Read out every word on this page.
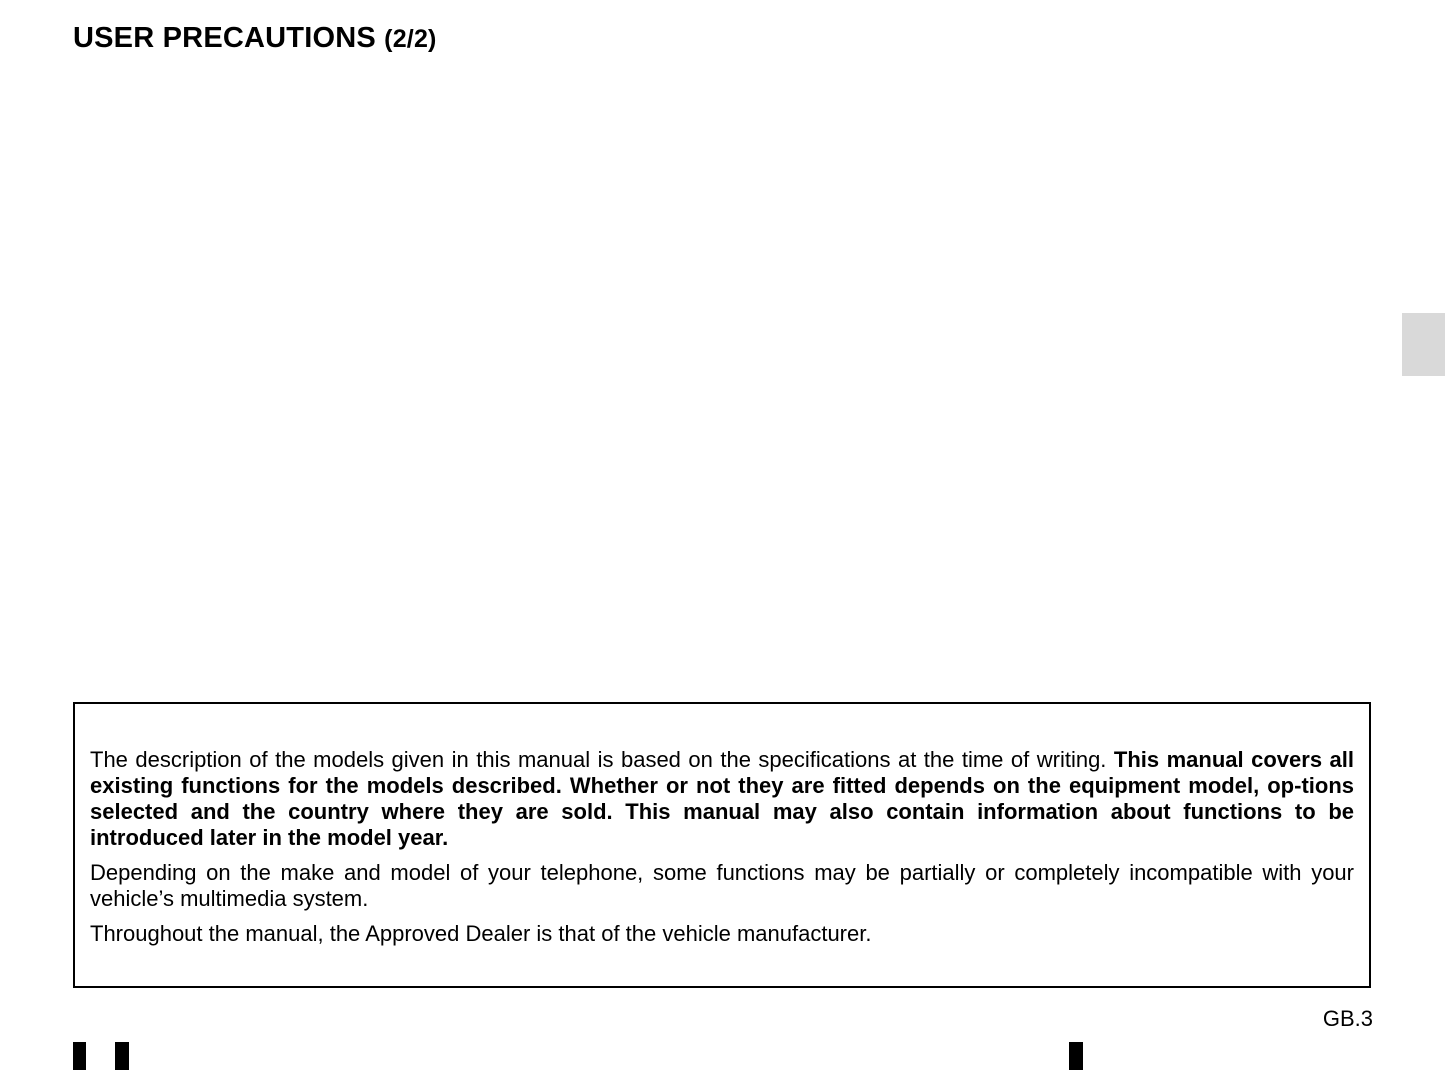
USER PRECAUTIONS (2/2)

The description of the models given in this manual is based on the specifications at the time of writing. This manual covers all existing functions for the models described. Whether or not they are fitted depends on the equipment model, op-tions selected and the country where they are sold. This manual may also contain information about functions to be introduced later in the model year.

Depending on the make and model of your telephone, some functions may be partially or completely incompatible with your vehicle’s multimedia system.

Throughout the manual, the Approved Dealer is that of the vehicle manufacturer.

GB.3
